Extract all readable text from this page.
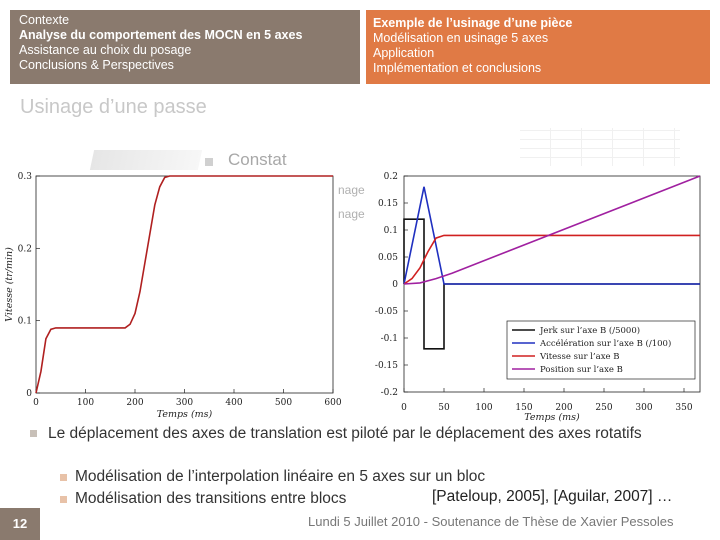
Contexte
Analyse du comportement des MOCN en 5 axes
Assistance au choix du posage
Conclusions & Perspectives
Exemple de l’usinage d’une pièce
Modélisation en usinage 5 axes
Application
Implémentation et conclusions
Usinage d’une passe
Constat
0	100	200	300	400	500	600
0
0.1
0.2
0.3
Temps (ms)
Vitesse (tr/min)
0	50	100	150	200	250	300	350
0.2
0.15
0.1
0.05
0
-0.05
-0.1
-0.15
-0.2
Temps (ms)
Jerk sur l’axe B (/5000)
Accélération sur l’axe B (/100)
Vitesse sur l’axe B
Position sur l’axe B
nage
nage
Le déplacement des axes de translation est piloté par le déplacement des axes rotatifs
Modélisation de l’interpolation linéaire en 5 axes sur un bloc
Modélisation des transitions entre blocs	[Pateloup, 2005], [Aguilar, 2007] …
12	Lundi 5 Juillet 2010 - Soutenance de Thèse de Xavier Pessoles
